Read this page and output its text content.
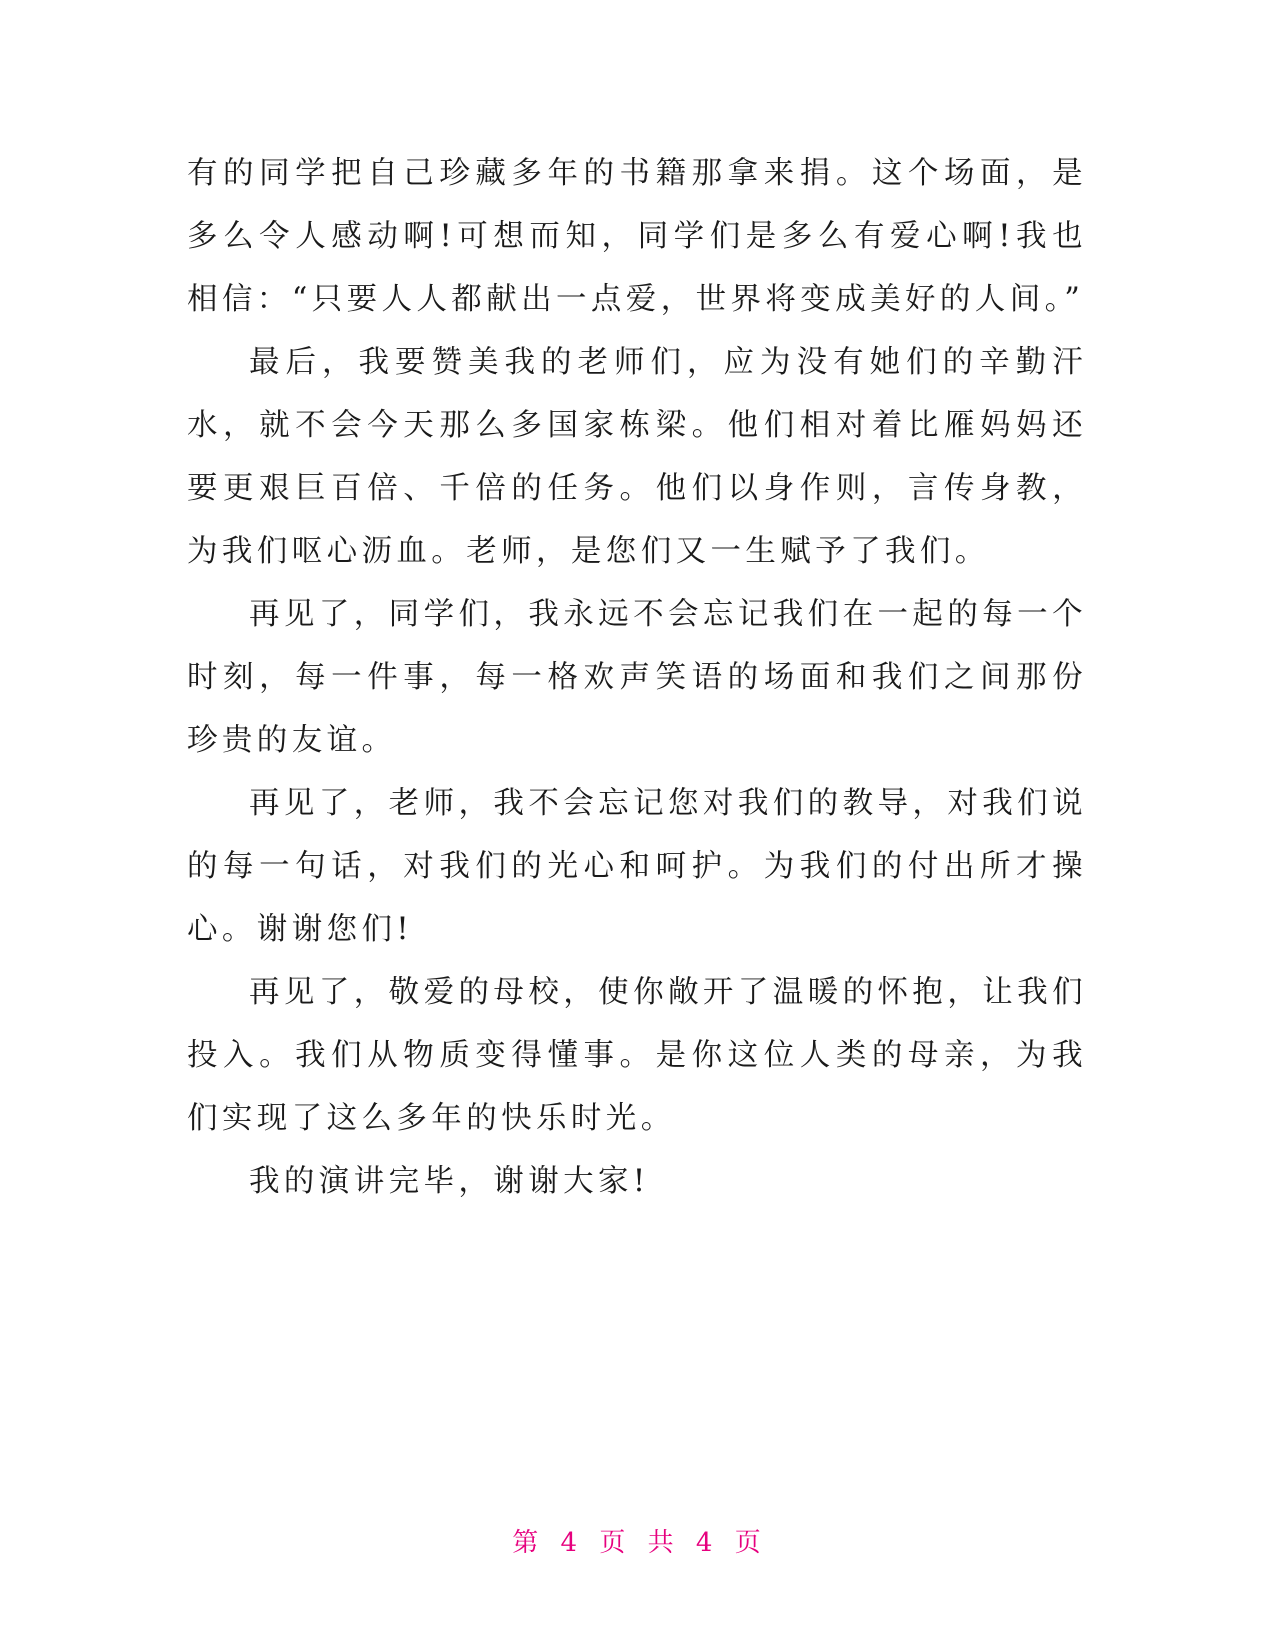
有的同学把自己珍藏多年的书籍那拿来捐。这个场面，是多么令人感动啊!可想而知，同学们是多么有爱心啊!我也相信：“只要人人都献出一点爱，世界将变成美好的人间。”

最后，我要赞美我的老师们，应为没有她们的辛勤汗水，就不会今天那么多国家栋梁。他们相对着比雁妈妈还要更艰巨百倍、千倍的任务。他们以身作则，言传身教，为我们呕心沥血。老师，是您们又一生赋予了我们。

再见了，同学们，我永远不会忘记我们在一起的每一个时刻，每一件事，每一格欢声笑语的场面和我们之间那份珍贵的友谊。

再见了，老师，我不会忘记您对我们的教导，对我们说的每一句话，对我们的光心和呵护。为我们的付出所才操心。谢谢您们!

再见了，敬爱的母校，使你敞开了温暖的怀抱，让我们投入。我们从物质变得懂事。是你这位人类的母亲，为我们实现了这么多年的快乐时光。

我的演讲完毕，谢谢大家!

第 4 页 共 4 页
